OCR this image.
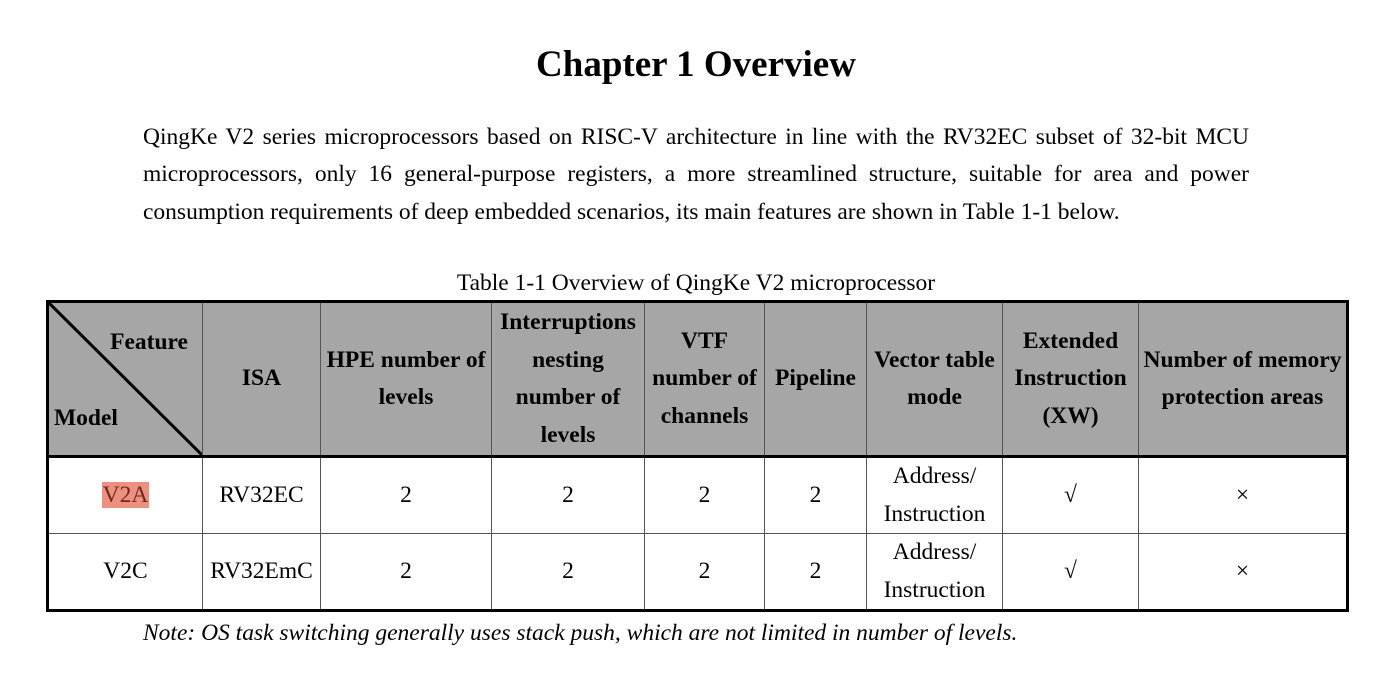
Chapter 1 Overview

QingKe V2 series microprocessors based on RISC-V architecture in line with the RV32EC subset of 32-bit MCU microprocessors, only 16 general-purpose registers, a more streamlined structure, suitable for area and power consumption requirements of deep embedded scenarios, its main features are shown in Table 1-1 below.

Table 1-1 Overview of QingKe V2 microprocessor
Feature
Model	ISA	HPE number of levels	Interruptions nesting number of levels	VTF number of channels	Pipeline	Vector table mode	Extended Instruction (XW)	Number of memory protection areas
V2A	RV32EC	2	2	2	2	Address/ Instruction	√	×
V2C	RV32EmC	2	2	2	2	Address/ Instruction	√	×
Note: OS task switching generally uses stack push, which are not limited in number of levels.
